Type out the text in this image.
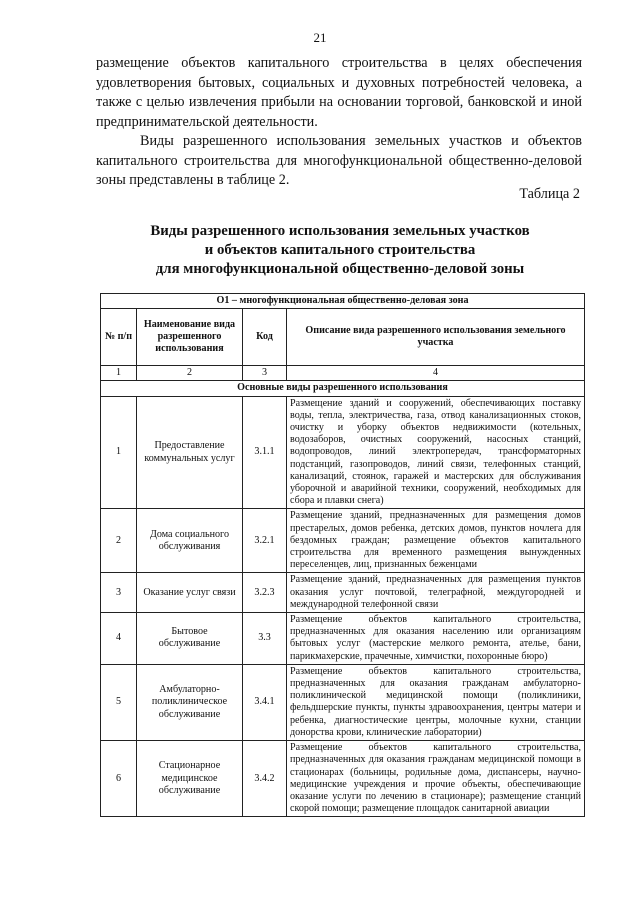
21

размещение объектов капитального строительства в целях обеспечения удовлетворения бытовых, социальных и духовных потребностей человека, а также с целью извлечения прибыли на основании торговой, банковской и иной предпринимательской деятельности.

Виды разрешенного использования земельных участков и объектов капитального строительства для многофункциональной общественно-деловой зоны представлены в таблице 2.

Таблица 2
Виды разрешенного использования земельных участков
и объектов капитального строительства
для многофункциональной общественно-деловой зоны
О1 – многофункциональная общественно-деловая зона			
№ п/п	Наименование вида разрешенного использования	Код	Описание вида разрешенного использования земельного участка
1	2	3	4
Основные виды разрешенного использования			
1	Предоставление коммунальных услуг	3.1.1	Размещение зданий и сооружений, обеспечивающих поставку воды, тепла, электричества, газа, отвод канализационных стоков, очистку и уборку объектов недвижимости (котельных, водозаборов, очистных сооружений, насосных станций, водопроводов, линий электропередач, трансформаторных подстанций, газопроводов, линий связи, телефонных станций, канализаций, стоянок, гаражей и мастерских для обслуживания уборочной и аварийной техники, сооружений, необходимых для сбора и плавки снега)
2	Дома социального обслуживания	3.2.1	Размещение зданий, предназначенных для размещения домов престарелых, домов ребенка, детских домов, пунктов ночлега для бездомных граждан; размещение объектов капитального строительства для временного размещения вынужденных переселенцев, лиц, признанных беженцами
3	Оказание услуг связи	3.2.3	Размещение зданий, предназначенных для размещения пунктов оказания услуг почтовой, телеграфной, междугородней и международной телефонной связи
4	Бытовое обслуживание	3.3	Размещение объектов капитального строительства, предназначенных для оказания населению или организациям бытовых услуг (мастерские мелкого ремонта, ателье, бани, парикмахерские, прачечные, химчистки, похоронные бюро)
5	Амбулаторно-поликлиническое обслуживание	3.4.1	Размещение объектов капитального строительства, предназначенных для оказания гражданам амбулаторно-поликлинической медицинской помощи (поликлиники, фельдшерские пункты, пункты здравоохранения, центры матери и ребенка, диагностические центры, молочные кухни, станции донорства крови, клинические лаборатории)
6	Стационарное медицинское обслуживание	3.4.2	Размещение объектов капитального строительства, предназначенных для оказания гражданам медицинской помощи в стационарах (больницы, родильные дома, диспансеры, научно-медицинские учреждения и прочие объекты, обеспечивающие оказание услуги по лечению в стационаре); размещение станций скорой помощи; размещение площадок санитарной авиации
